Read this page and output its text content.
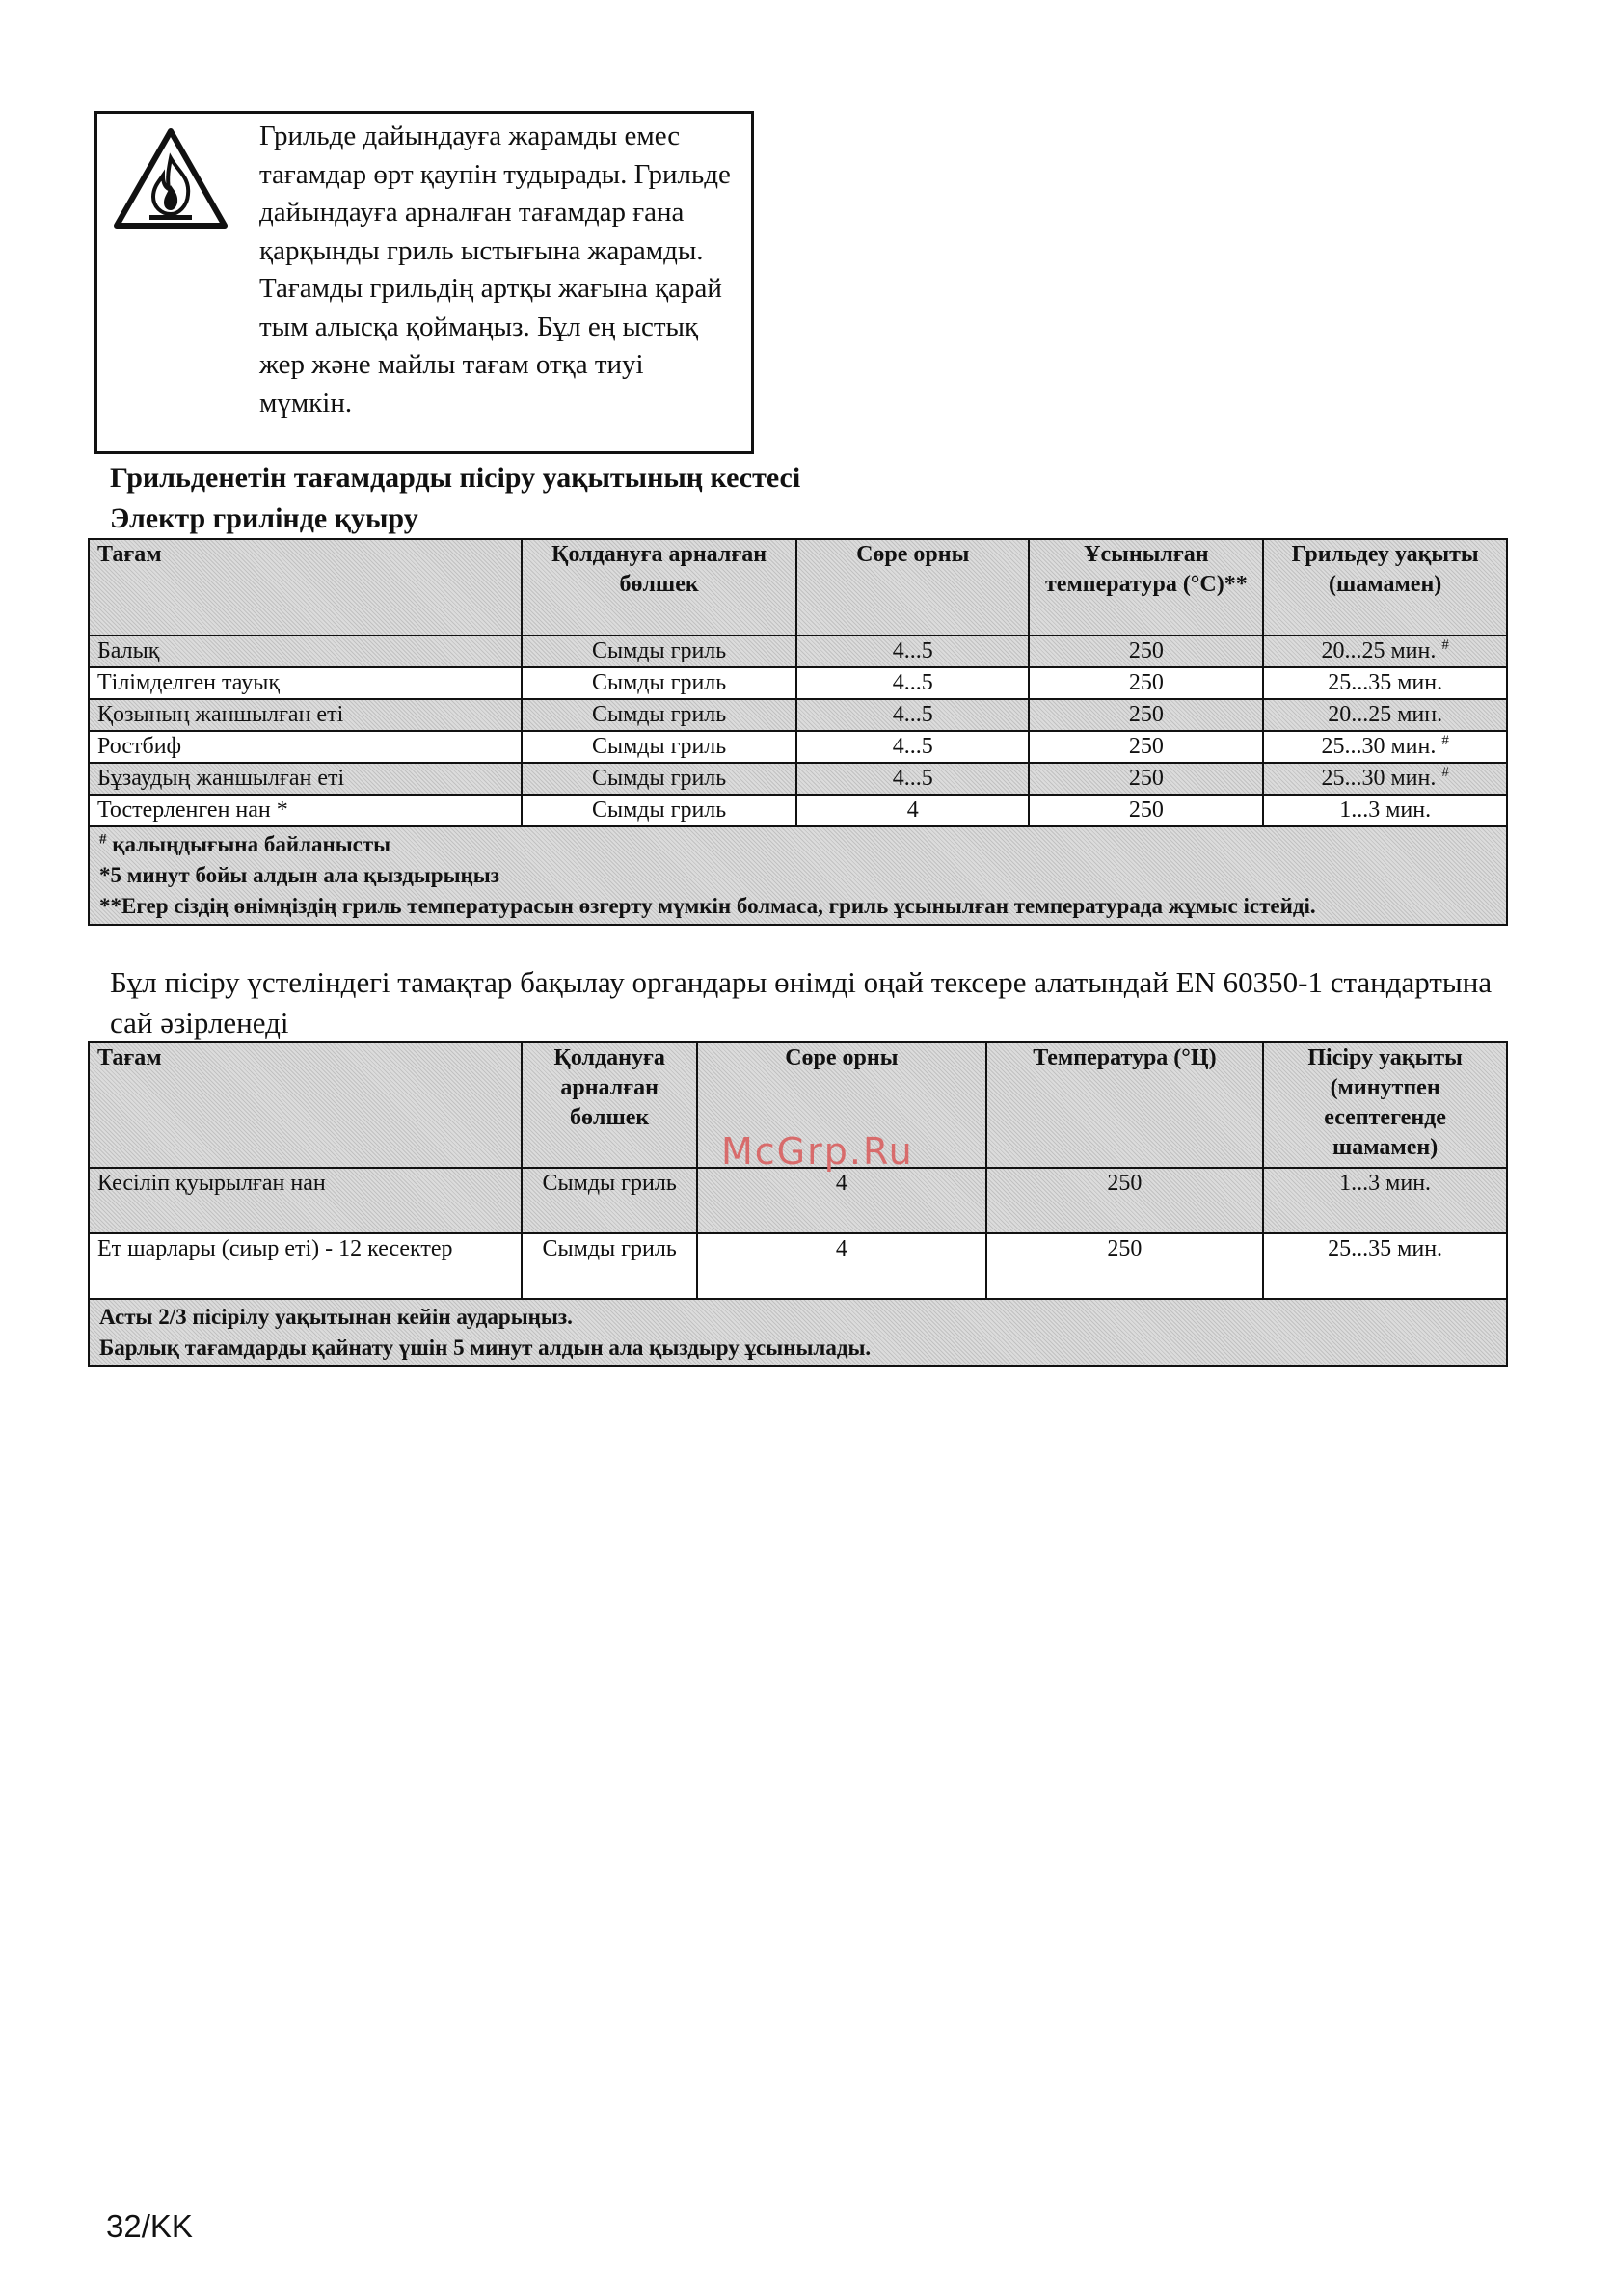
Грильде дайындауға жарамды емес тағамдар өрт қаупін тудырады. Грильде дайындауға арналған тағамдар ғана қарқынды гриль ыстығына жарамды. Тағамды грильдің артқы жағына қарай тым алысқа қоймаңыз. Бұл ең ыстық жер және майлы тағам отқа тиуі мүмкін.
Грильденетін тағамдарды пісіру уақытының кестесі
Электр грилінде қуыру
Тағам	Қолдануға арналған бөлшек	Сөре орны	Ұсынылған температура (°С)**	Грильдеу уақыты (шамамен)
Балық	Сымды гриль	4...5	250	20...25 мин. #
Тілімделген тауық	Сымды гриль	4...5	250	25...35 мин.
Қозының жаншылған еті	Сымды гриль	4...5	250	20...25 мин.
Ростбиф	Сымды гриль	4...5	250	25...30 мин. #
Бұзаудың жаншылған еті	Сымды гриль	4...5	250	25...30 мин. #
Тостерленген нан *	Сымды гриль	4	250	1...3 мин.

# қалыңдығына байланысты
*5 минут бойы алдын ала қыздырыңыз
**Егер сіздің өнімңіздің гриль температурасын өзгерту мүмкін болмаса, гриль ұсынылған температурада жұмыс істейді.				
Бұл пісіру үстеліндегі тамақтар бақылау органдары өнімді оңай тексере алатындай EN 60350-1 стандартына сай әзірленеді
Тағам	Қолдануға арналған бөлшек	Сөре орны	Температура (°Ц)	Пісіру уақыты (минутпен есептегенде шамамен)
Кесіліп қуырылған нан	Сымды гриль	4	250	1...3 мин.
Ет шарлары (сиыр еті) - 12 кесектер	Сымды гриль	4	250	25...35 мин.

Асты 2/3 пісірілу уақытынан кейін аударыңыз.
Барлық тағамдарды қайнату үшін 5 минут алдын ала қыздыру ұсынылады.				
McGrp.Ru
32/KK
